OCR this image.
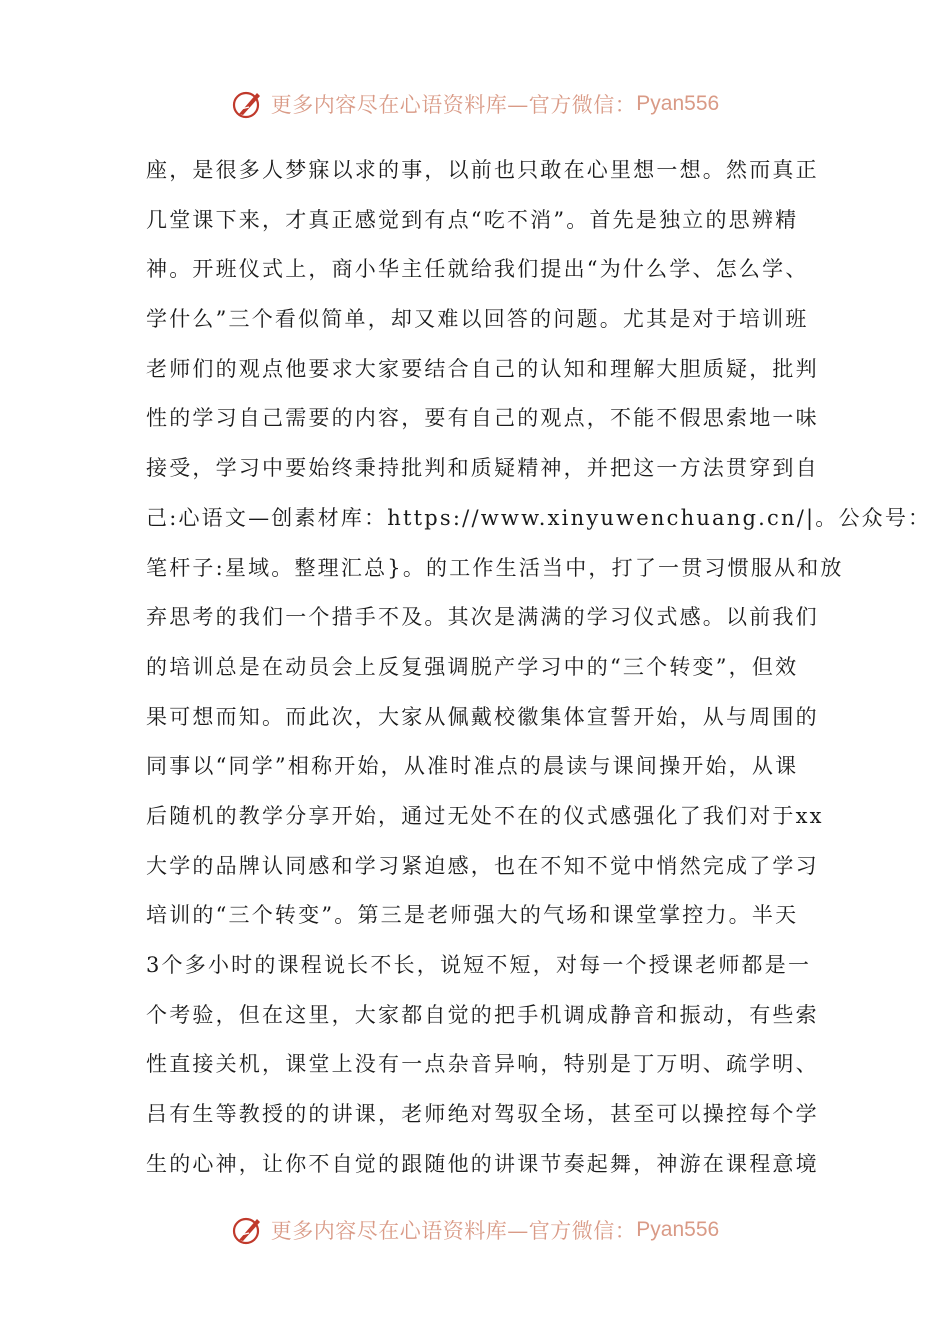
更多内容尽在心语资料库—官方微信： Pyan556
座，是很多人梦寐以求的事，以前也只敢在心里想一想。然而真正
几堂课下来，才真正感觉到有点“吃不消”。首先是独立的思辨精
神。开班仪式上，商小华主任就给我们提出“为什么学、怎么学、
学什么”三个看似简单，却又难以回答的问题。尤其是对于培训班
老师们的观点他要求大家要结合自己的认知和理解大胆质疑，批判
性的学习自己需要的内容，要有自己的观点，不能不假思索地一味
接受，学习中要始终秉持批判和质疑精神，并把这一方法贯穿到自
己:心语文—创素材库：https://www.xinyuwenchuang.cn/|。公众号：
笔杆子:星域。整理汇总}。的工作生活当中，打了一贯习惯服从和放
弃思考的我们一个措手不及。其次是满满的学习仪式感。以前我们
的培训总是在动员会上反复强调脱产学习中的“三个转变”，但效
果可想而知。而此次，大家从佩戴校徽集体宣誓开始，从与周围的
同事以“同学”相称开始，从准时准点的晨读与课间操开始，从课
后随机的教学分享开始，通过无处不在的仪式感强化了我们对于xx
大学的品牌认同感和学习紧迫感，也在不知不觉中悄然完成了学习
培训的“三个转变”。第三是老师强大的气场和课堂掌控力。半天
3个多小时的课程说长不长，说短不短，对每一个授课老师都是一
个考验，但在这里，大家都自觉的把手机调成静音和振动，有些索
性直接关机，课堂上没有一点杂音异响，特别是丁万明、疏学明、
吕有生等教授的的讲课，老师绝对驾驭全场，甚至可以操控每个学
生的心神，让你不自觉的跟随他的讲课节奏起舞，神游在课程意境
更多内容尽在心语资料库—官方微信： Pyan556
